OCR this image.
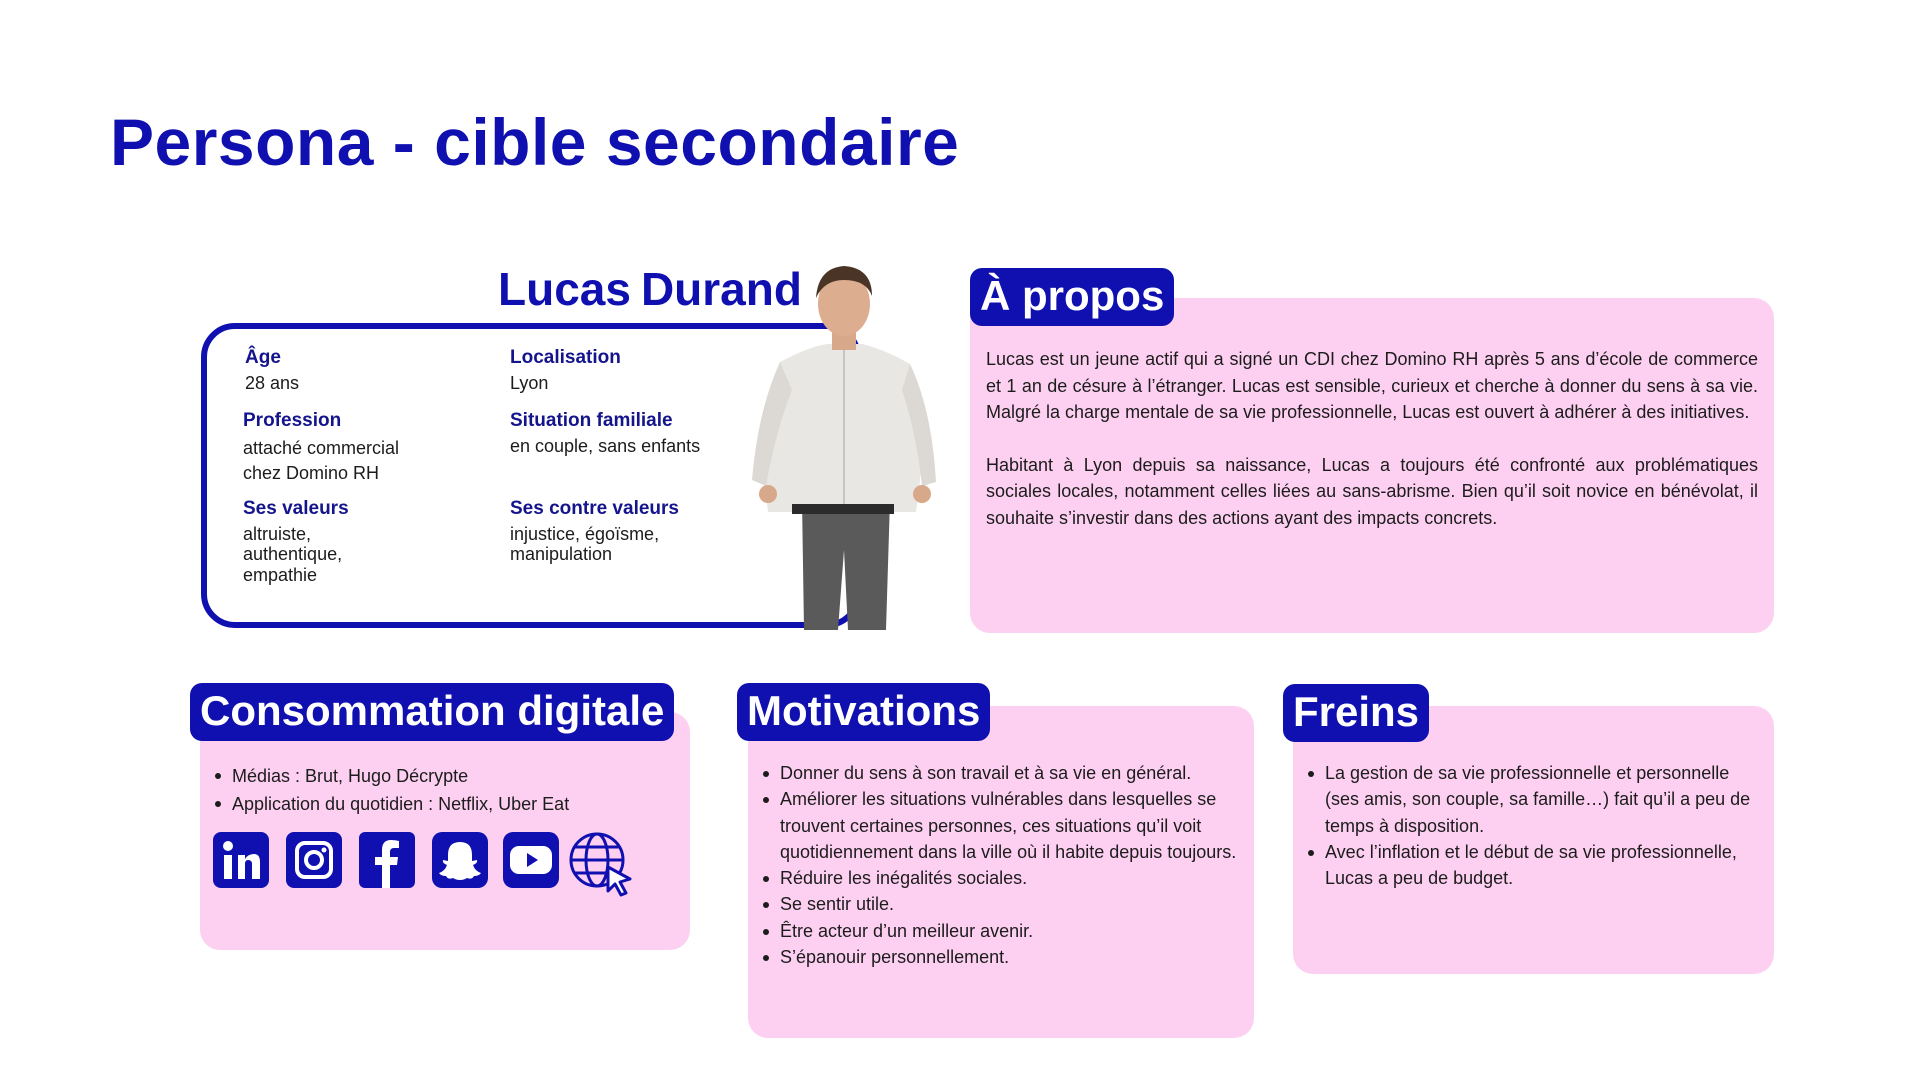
Persona - cible secondaire
Lucas Durand
Âge
28 ans
Localisation
Lyon
Profession
attaché commercial
chez Domino RH
Situation familiale
en couple, sans enfants
Ses valeurs
altruiste,
authentique,
empathie
Ses contre valeurs
injustice, égoïsme,
manipulation
À propos

Lucas est un jeune actif qui a signé un CDI chez Domino RH après 5 ans d’école de commerce et 1 an de césure à l’étranger. Lucas est sensible, curieux et cherche à donner du sens à sa vie. Malgré la charge mentale de sa vie professionnelle, Lucas est ouvert à adhérer à des initiatives.

Habitant à Lyon depuis sa naissance, Lucas a toujours été confronté aux problématiques sociales locales, notamment celles liées au sans-abrisme. Bien qu’il soit novice en bénévolat, il souhaite s’investir dans des actions ayant des impacts concrets.

Consommation digitale
Médias : Brut, Hugo Décrypte
Application du quotidien : Netflix, Uber Eat
Motivations
Donner du sens à son travail et à sa vie en général.
Améliorer les situations vulnérables dans lesquelles se trouvent certaines personnes, ces situations qu’il voit quotidiennement dans la ville où il habite depuis toujours.
Réduire les inégalités sociales.
Se sentir utile.
Être acteur d’un meilleur avenir.
S’épanouir personnellement.
Freins
La gestion de sa vie professionnelle et personnelle (ses amis, son couple, sa famille…) fait qu’il a peu de temps à disposition.
Avec l’inflation et le début de sa vie professionnelle, Lucas a peu de budget.
